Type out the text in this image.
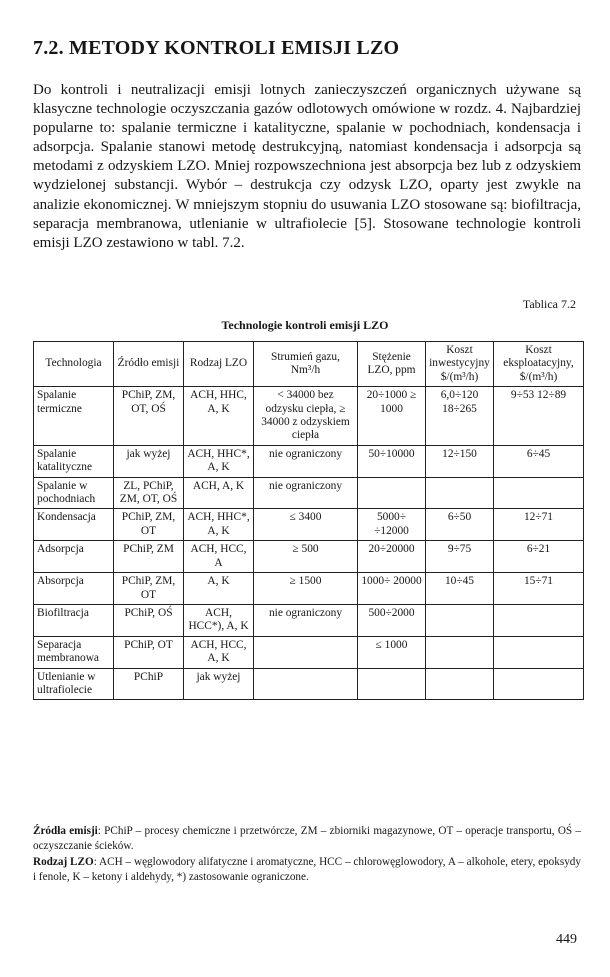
7.2. METODY KONTROLI EMISJI LZO

Do kontroli i neutralizacji emisji lotnych zanieczyszczeń organicznych używane są klasyczne technologie oczyszczania gazów odlotowych omówione w rozdz. 4. Najbardziej popularne to: spalanie termiczne i katalityczne, spalanie w pochodniach, kondensacja i adsorpcja. Spalanie stanowi metodę destrukcyjną, natomiast kondensacja i adsorpcja są metodami z odzyskiem LZO. Mniej rozpowszechniona jest absorpcja bez lub z odzyskiem wydzielonej substancji. Wybór – destrukcja czy odzysk LZO, oparty jest zwykle na analizie ekonomicznej. W mniejszym stopniu do usuwania LZO stosowane są: biofiltracja, separacja membranowa, utlenianie w ultrafiolecie [5]. Stosowane technologie kontroli emisji LZO zestawiono w tabl. 7.2.

Tablica 7.2

Technologie kontroli emisji LZO

Technologia	Źródło emisji	Rodzaj LZO	Strumień gazu, Nm³/h	Stężenie LZO, ppm	Koszt inwestycyjny $/(m³/h)	Koszt eksploatacyjny, $/(m³/h)
Spalanie termiczne	PChiP, ZM, OT, OŚ	ACH, HHC, A, K	< 34000 bez odzysku ciepła, ≥ 34000 z odzyskiem ciepła	20÷1000 ≥ 1000	6,0÷120 18÷265	9÷53 12÷89
Spalanie katalityczne	jak wyżej	ACH, HHC*, A, K	nie ograniczony	50÷10000	12÷150	6÷45
Spalanie w pochodniach	ZL, PChiP, ZM, OT, OŚ	ACH, A, K	nie ograniczony			
Kondensacja	PChiP, ZM, OT	ACH, HHC*, A, K	≤ 3400	5000÷ ÷12000	6÷50	12÷71
Adsorpcja	PChiP, ZM	ACH, HCC, A	≥ 500	20÷20000	9÷75	6÷21
Absorpcja	PChiP, ZM, OT	A, K	≥ 1500	1000÷ 20000	10÷45	15÷71
Biofiltracja	PChiP, OŚ	ACH, HCC*), A, K	nie ograniczony	500÷2000		
Separacja membranowa	PChiP, OT	ACH, HCC, A, K		≤ 1000		
Utlenianie w ultrafiolecie	PChiP	jak wyżej				

Źródła emisji: PChiP – procesy chemiczne i przetwórcze, ZM – zbiorniki magazynowe, OT – operacje transportu, OŚ – oczyszczanie ścieków.

Rodzaj LZO: ACH – węglowodory alifatyczne i aromatyczne, HCC – chlorowęglowodory, A – alkohole, etery, epoksydy i fenole, K – ketony i aldehydy, *) zastosowanie ograniczone.

449
